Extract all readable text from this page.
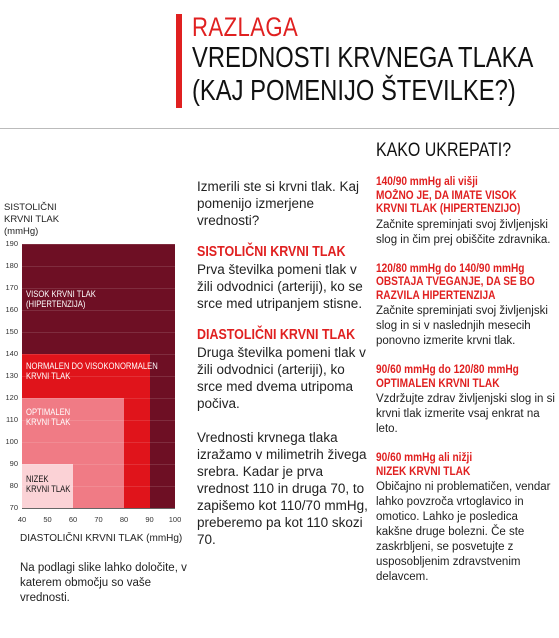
RAZLAGA
VREDNOSTI KRVNEGA TLAKA
(KAJ POMENIJO ŠTEVILKE?)
SISTOLIČNI
KRVNI TLAK
(mmHg)
VISOK KRVNI TLAK
(HIPERTENZIJA)
NORMALEN DO VISOKONORMALEN
KRVNI TLAK
OPTIMALEN
KRVNI TLAK
NIZEK
KRVNI TLAK
70
80
90
100
110
120
130
140
150
160
170
180
190
40	50	60	70	80	90	100
DIASTOLIČNI KRVNI TLAK (mmHg)
Na podlagi slike lahko določite, v katerem območju so vaše vrednosti.

Izmerili ste si krvni tlak. Kaj pomenijo izmerjene vrednosti?

SISTOLIČNI KRVNI TLAK

Prva številka pomeni tlak v žili odvodnici (arteriji), ko se srce med utripanjem stisne.

DIASTOLIČNI KRVNI TLAK

Druga številka pomeni tlak v žili odvodnici (arteriji), ko srce med dvema utripoma počiva.

Vrednosti krvnega tlaka izražamo v milimetrih živega srebra. Kadar je prva vrednost 110 in druga 70, to zapišemo kot 110/70 mmHg, preberemo pa kot 110 skozi 70.

KAKO UKREPATI?
140/90 mmHg ali višji
MOŽNO JE, DA IMATE VISOK
KRVNI TLAK (HIPERTENZIJO)
Začnite spreminjati svoj življenjski slog in čim prej obiščite zdravnika.
120/80 mmHg do 140/90 mmHg
OBSTAJA TVEGANJE, DA SE BO
RAZVILA HIPERTENZIJA
Začnite spreminjati svoj življenjski slog in si v naslednjih mesecih ponovno izmerite krvni tlak.
90/60 mmHg do 120/80 mmHg
OPTIMALEN KRVNI TLAK
Vzdržujte zdrav življenjski slog in si krvni tlak izmerite vsaj enkrat na leto.
90/60 mmHg ali nižji
NIZEK KRVNI TLAK
Običajno ni problematičen, vendar lahko povzroča vrtoglavico in omotico. Lahko je posledica kakšne druge bolezni. Če ste zaskrbljeni, se posvetujte z usposobljenim zdravstvenim delavcem.
